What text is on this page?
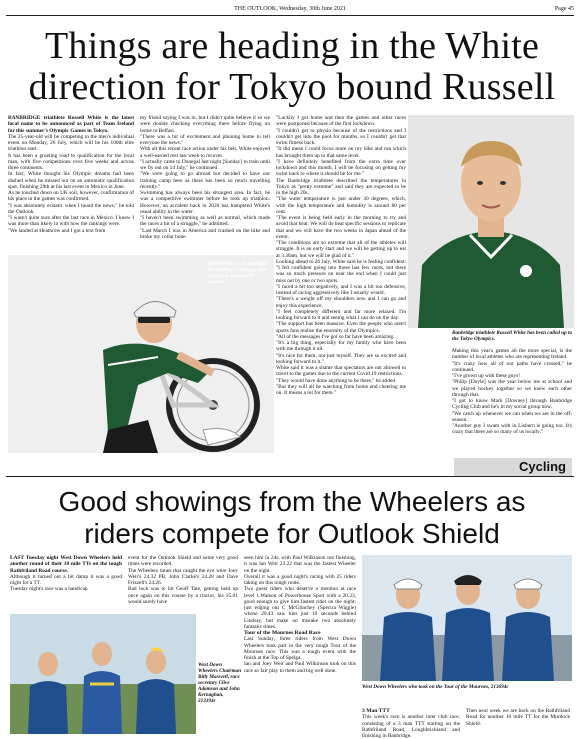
THE OUTLOOK, Wednesday, 30th June 2021	Page 45
Things are heading in the White direction for Tokyo bound Russell

BANBRIDGE triathlete Russell White is the latest local name to be announced as part of Team Ireland for this summer's Olympic Games in Tokyo.

The 25-year-old will be competing in the men's individual event on Monday, 26 July, which will be his 100th elite triathlon start.

It has been a grueling road to qualification for the local man, with five competitions over five weeks and across three continents.

In fact, White thought his Olympic dreams had been dashed when he missed out on an automatic qualification spot, finishing 29th at his last event in Mexico in June.

As he touched down on UK soil, however, confirmation of his place in the games was confirmed.

"I was absolutely ecstatic when I heard the news," he told the Outlook.

"I wasn't quite sure after the last race in Mexico. I knew I was more than likely in with how the rankings were.

"We landed at Heathrow and I got a text from

my friend saying I was in, but I didn't quite believe it so we were double checking everything there before flying on home to Belfast.

"There was a bit of excitement and phoning home to tell everyone the news."

With all this recent race action under his belt, White enjoyed a well-earned rest last week to recover.

"I actually came to Donegal last night [Sunday] to train until we fly out on 14 July," he continued.

"We were going to go abroad but decided to have our training camp here as there has been so much travelling recently."

Swimming has always been his strongest area. In fact, he was a competitive swimmer before he took up triathlon. However, an accident back in 2020 has hampered White's usual ability in the water.

"I haven't been swimming as well as normal, which made the races a bit of a struggle," he admitted.

"Last March I was in America and crashed on the bike and broke my collar bone.

"Luckily I got home and then the games and other races were postponed because of the first lockdown.

"I couldn't get to physio because of the restrictions and I couldn't get into the pool for months, so I couldn't get that swim fitness back.

"It did mean I could focus more on my bike and run which has brought them up to that same level.

"I have definitely benefited from the extra time over lockdown and this month, I will be focusing on getting my swim back to where it should be for me."

The Banbridge triathlete described the temperatures in Tokyo as "pretty extreme" and said they are expected to be in the high 20s.

"The water temperature is just under 30 degrees, which, with the high temperature and humidity is around 80 per cent.

"The event is being held early in the morning to try and avoid that heat. We will do heat specific sessions to replicate that and we will have the two weeks in Japan ahead of the event.

"The conditions are so extreme that all of the athletes will struggle. It is an early start and we will be getting up to eat at 3.30am, but we will be glad of it."

Looking ahead to 26 July, White said he is feeling confident: "I felt confident going into those last few races, but there was so much pressure on near the end when I could just miss out by one or two spots.

"I raced a bit too negatively, and I was a bit too defensive, instead of racing aggressively like I usually would.

"There's a weight off my shoulders now and I can go and enjoy this experience.

"I feel completely different and far more relaxed. I'm looking forward to it and seeing what I can do on the day.

"The support has been massive. Even the people who aren't sports fans realise the enormity of the Olympics.

"All of the messages I've got so far have been amazing.

"It's a big thing, especially for my family who have been with me through it all.

"It's nice for them, not just myself. They are so excited and looking forward to it."

White said it was a shame that spectators are not allowed to travel to the games due to the current Covid 19 restrictions.

"They would have done anything to be there," he added.

"But they will all be watching from home and cheering me on. It means a lot for them."

Making this year's games all the more special, is the number of local athletes who are representing Ireland.

"It's crazy how all of our paths have crossed," he continued.

"I've grown up with these guys!

"Philip [Doyle] was the year below me at school and we played hockey together so we knew each other through that.

"I got to know Mark [Downey] through Banbridge Cycling Club and he's in my social group now.

"We catch up whenever we can when we are in the off-season.

"Another guy I swam with in Lisburn is going too. It's crazy that there are so many of us locally."

Russell White will hopefully be running, swimming and cycling to success this summer.
Banbridge triathlete Russell White has been called up to the Tokyo Olympics.
Cycling
Good showings from the Wheelers as riders compete for Outlook Shield

LAST Tuesday night West Down Wheelers held another round of their 10 mile TTs on the tough Rathfriland Road course.

Although it turned out a bit damp it was a good night for a TT.

Tuesday night's race was a handicap

event for the Outlook Shield and some very good times were recorded.

The Wheelers times that caught the eye were Joey Weir's 24.32 PB, John Clarke's 24.28 and Dave Frizzell's 24.26.

Bad luck was to hit Geoff Tate, getting held up once again on this course by a tractor, his 25.01 would surely have

seen him in 24s, with Paul Wilkinson not finishing, it was Ian Weir 23.22 that was the fastest Wheeler on the night.

Overall it was a good night's racing with 25 riders taking on this tough route.

Two guest riders who deserve a mention at race level 1.Watson of Powerhouse Sport with a 20.33, good enough to give him fastest rider on the night; just edging out C McGlinchey (Spectra Wiggle) whose 20.43 saw him just 10 seconds behind Lindsay, but make no mistake two absolutely fantastic times.

Tour of the Mournes Road Race

Last Sunday, three riders from West Down Wheelers took part in the very tough Tour of the Mournes race. This was a tough event with the finish at the Top of Spelga.

Ian and Joey Weir and Paul Wilkinson took on this race so fair play to them and big well done.

3 Man TTT

This week's race is another inter club race, consisting of a 3 man TTT starting on the Rathfriland Road, Loughbrickland and finishing in Banbridge.

Then next week we are back on the Rathfriland Road for another 10 mile TT for the Murdock Shield.

West Down Wheelers Chairman Billy Maxwell, race secretary Clive Adamson and John Kernaghan, 213394c
West Down Wheelers who took on the Tour of the Mournes, 213694c
